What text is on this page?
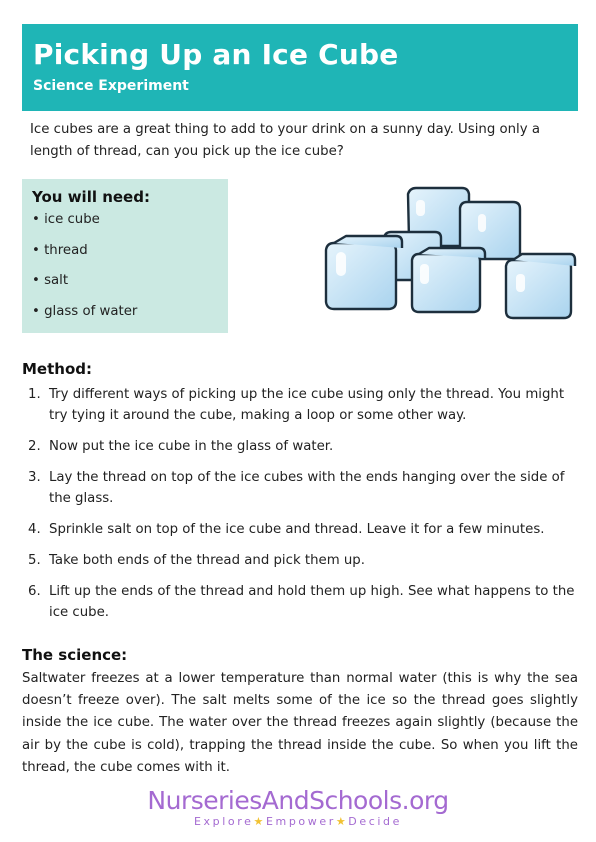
Picking Up an Ice Cube
Science Experiment

Ice cubes are a great thing to add to your drink on a sunny day. Using only a length of thread, can you pick up the ice cube?

You will need:
• ice cube
• thread
• salt
• glass of water
Method:
1. Try different ways of picking up the ice cube using only the thread. You might try tying it around the cube, making a loop or some other way.
2. Now put the ice cube in the glass of water.
3. Lay the thread on top of the ice cubes with the ends hanging over the side of the glass.
4. Sprinkle salt on top of the ice cube and thread. Leave it for a few minutes.
5. Take both ends of the thread and pick them up.
6. Lift up the ends of the thread and hold them up high. See what happens to the ice cube.
The science:

Saltwater freezes at a lower temperature than normal water (this is why the sea doesn’t freeze over). The salt melts some of the ice so the thread goes slightly inside the ice cube. The water over the thread freezes again slightly (because the air by the cube is cold), trapping the thread inside the cube. So when you lift the thread, the cube comes with it.

NurseriesAndSchools.org
Explore★Empower★Decide
